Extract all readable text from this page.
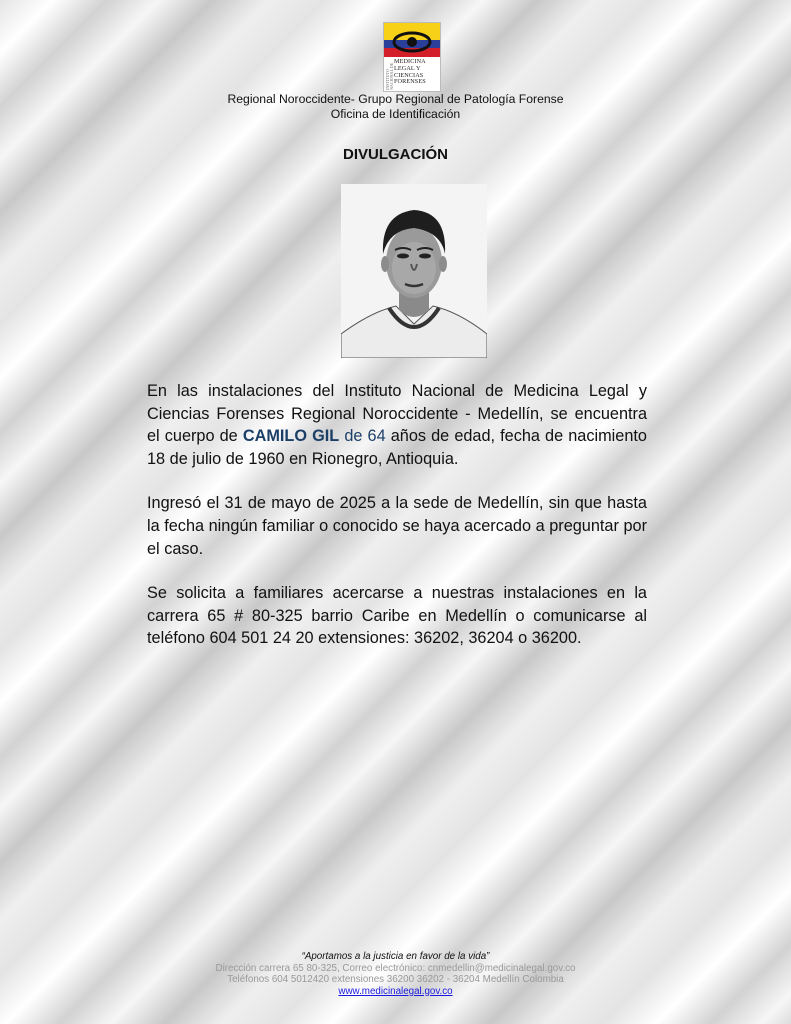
INSTITUTO NACIONAL DE
MEDICINA
LEGAL Y
CIENCIAS
FORENSES
Regional Noroccidente- Grupo Regional de Patología Forense
Oficina de Identificación
DIVULGACIÓN

En las instalaciones del Instituto Nacional de Medicina Legal y Ciencias Forenses Regional Noroccidente - Medellín, se encuentra el cuerpo de CAMILO GIL de 64 años de edad, fecha de nacimiento 18 de julio de 1960 en Rionegro, Antioquia.

Ingresó el 31 de mayo de 2025 a la sede de Medellín, sin que hasta la fecha ningún familiar o conocido se haya acercado a preguntar por el caso.

Se solicita a familiares acercarse a nuestras instalaciones en la carrera 65 # 80-325 barrio Caribe en Medellín o comunicarse al teléfono 604 501 24 20 extensiones: 36202, 36204 o 36200.

“Aportamos a la justicia en favor de la vida”
Dirección carrera 65 80-325, Correo electrónico: cnmedellin@medicinalegal.gov.co
Teléfonos 604 5012420 extensiones 36200 36202 - 36204 Medellín Colombia
www.medicinalegal.gov.co
